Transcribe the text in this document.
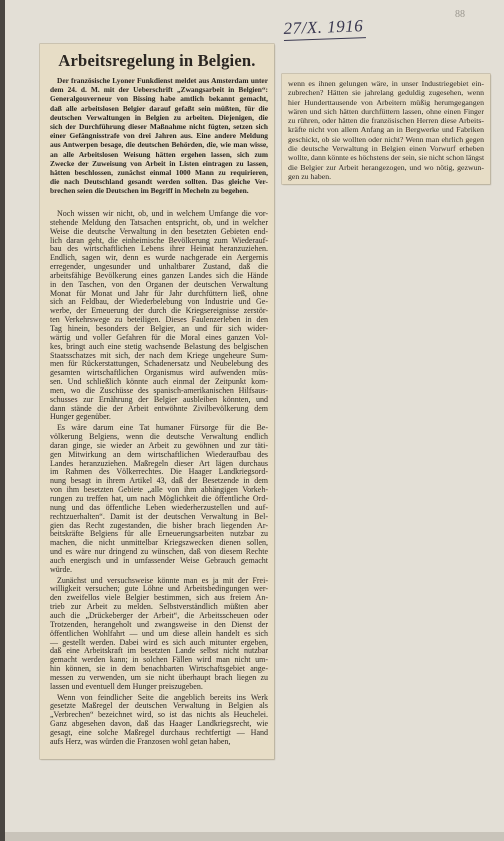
88
27/X. 1916
Arbeitsregelung in Belgien.
Der französische Lyoner Funkdienst meldet aus Amsterdam unter
dem 24. d. M. mit der Ueberschrift „Zwangsarbeit in Belgien“:
Generalgouverneur von Bissing habe amtlich bekannt gemacht,
daß alle arbeitslosen Belgier darauf gefaßt sein müßten, für die
deutschen Verwaltungen in Belgien zu arbeiten. Diejenigen, die
sich der Durchführung dieser Maßnahme nicht fügten, setzen sich
einer Gefängnisstrafe von drei Jahren aus. Eine andere Meldung
aus Antwerpen besage, die deutschen Behörden, die, wie man wisse,
an alle Arbeitslosen Weisung hätten ergehen lassen, sich zum
Zwecke der Zuweisung von Arbeit in Listen eintragen zu lassen,
hätten beschlossen, zunächst einmal 1000 Mann zu requirieren,
die nach Deutschland gesandt werden sollten. Das gleiche Ver-
brechen seien die Deutschen im Begriff in Mecheln zu begehen.
Noch wissen wir nicht, ob, und in welchem Umfange die vor-
stehende Meldung den Tatsachen entspricht, ob, und in welcher
Weise die deutsche Verwaltung in den besetzten Gebieten end-
lich daran geht, die einheimische Bevölkerung zum Wiederauf-
bau des wirtschaftlichen Lebens ihrer Heimat heranzuziehen.
Endlich, sagen wir, denn es wurde nachgerade ein Aergernis
erregender, ungesunder und unhaltbarer Zustand, daß die
arbeitsfähige Bevölkerung eines ganzen Landes sich die Hände
in den Taschen, von den Organen der deutschen Verwaltung
Monat für Monat und Jahr für Jahr durchfüttern ließ, ohne
sich an Feldbau, der Wiederbelebung von Industrie und Ge-
werbe, der Erneuerung der durch die Kriegsereignisse zerstör-
ten Verkehrswege zu beteiligen. Dieses Faulenzerleben in den
Tag hinein, besonders der Belgier, an und für sich wider-
wärtig und voller Gefahren für die Moral eines ganzen Vol-
kes, bringt auch eine stetig wachsende Belastung des belgischen
Staatsschatzes mit sich, der nach dem Kriege ungeheure Sum-
men für Rückerstattungen, Schadenersatz und Neubelebung des
gesamten wirtschaftlichen Organismus wird aufwenden müs-
sen. Und schließlich könnte auch einmal der Zeitpunkt kom-
men, wo die Zuschüsse des spanisch-amerikanischen Hilfsaus-
schusses zur Ernährung der Belgier ausbleiben könnten, und
dann stände die der Arbeit entwöhnte Zivilbevölkerung dem
Hunger gegenüber.
Es wäre darum eine Tat humaner Fürsorge für die Be-
völkerung Belgiens, wenn die deutsche Verwaltung endlich
daran ginge, sie wieder an Arbeit zu gewöhnen und zur täti-
gen Mitwirkung an dem wirtschaftlichen Wiederaufbau des
Landes heranzuziehen. Maßregeln dieser Art lägen durchaus
im Rahmen des Völkerrechtes. Die Haager Landkriegsord-
nung besagt in ihrem Artikel 43, daß der Besetzende in dem
von ihm besetzten Gebiete „alle von ihm abhängigen Vorkeh-
rungen zu treffen hat, um nach Möglichkeit die öffentliche Ord-
nung und das öffentliche Leben wiederherzustellen und auf-
rechtzuerhalten“. Damit ist der deutschen Verwaltung in Bel-
gien das Recht zugestanden, die bisher brach liegenden Ar-
beitskräfte Belgiens für alle Erneuerungsarbeiten nutzbar zu
machen, die nicht unmittelbar Kriegszwecken dienen sollen,
und es wäre nur dringend zu wünschen, daß von diesem Rechte
auch energisch und in umfassender Weise Gebrauch gemacht
würde.
Zunächst und versuchsweise könnte man es ja mit der Frei-
willigkeit versuchen; gute Löhne und Arbeitsbedingungen wer-
den zweifellos viele Belgier bestimmen, sich aus freiem An-
trieb zur Arbeit zu melden. Selbstverständlich müßten aber
auch die „Drückeberger der Arbeit“, die Arbeitsscheuen oder
Trotzenden, herangeholt und zwangsweise in den Dienst der
öffentlichen Wohlfahrt — und um diese allein handelt es sich
— gestellt werden. Dabei wird es sich auch mitunter ergeben,
daß eine Arbeitskraft im besetzten Lande selbst nicht nutzbar
gemacht werden kann; in solchen Fällen wird man nicht um-
hin können, sie in dem benachbarten Wirtschaftsgebiet ange-
messen zu verwenden, um sie nicht überhaupt brach liegen zu
lassen und eventuell dem Hunger preiszugeben.
Wenn von feindlicher Seite die angeblich bereits ins Werk
gesetzte Maßregel der deutschen Verwaltung in Belgien als
„Verbrechen“ bezeichnet wird, so ist das nichts als Heuchelei.
Ganz abgesehen davon, daß das Haager Landkriegsrecht, wie
gesagt, eine solche Maßregel durchaus rechtfertigt — Hand
aufs Herz, was würden die Franzosen wohl getan haben,
wenn es ihnen gelungen wäre, in unser Industriegebiet ein-
zubrechen? Hätten sie jahrelang geduldig zugesehen, wenn
hier Hunderttausende von Arbeitern müßig herumgegangen
wären und sich hätten durchfüttern lassen, ohne einen Finger
zu rühren, oder hätten die französischen Herren diese Arbeits-
kräfte nicht von allem Anfang an in Bergwerke und Fabriken
geschickt, ob sie wollten oder nicht? Wenn man ehrlich gegen
die deutsche Verwaltung in Belgien einen Vorwurf erheben
wollte, dann könnte es höchstens der sein, sie nicht schon längst
die Belgier zur Arbeit herangezogen, und wo nötig, gezwun-
gen zu haben.
